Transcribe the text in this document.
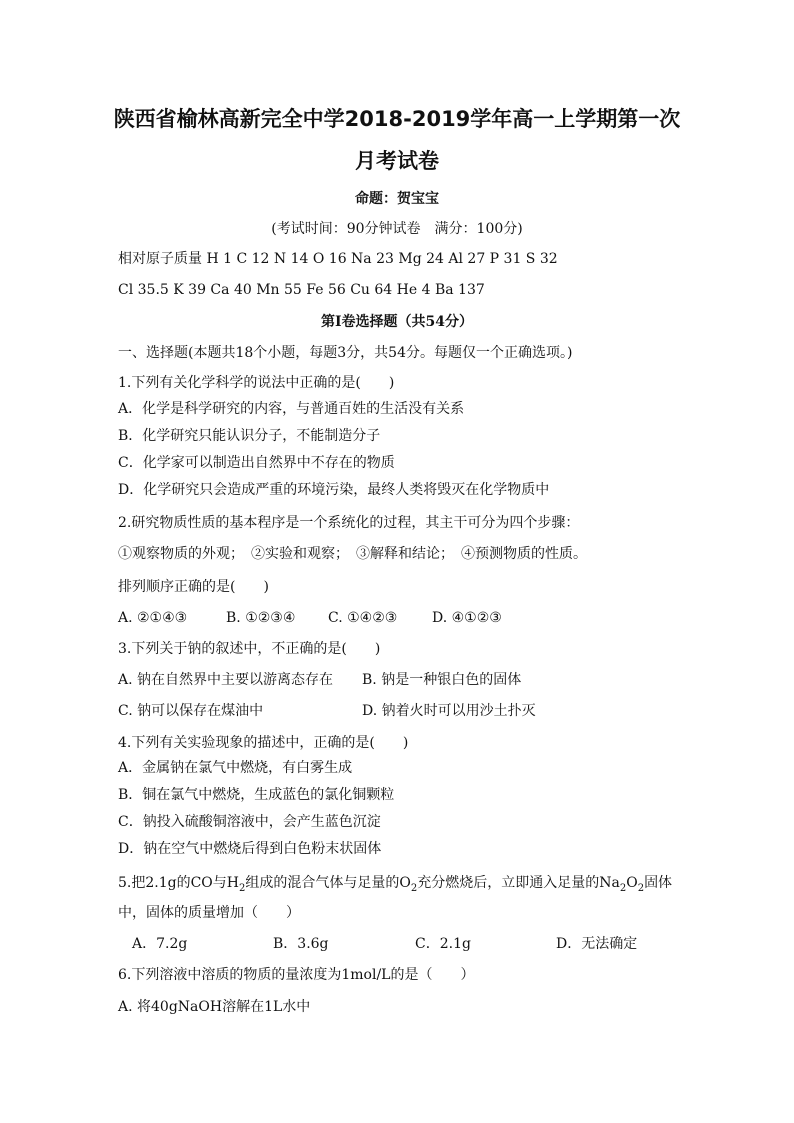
陕西省榆林高新完全中学2018-2019学年高一上学期第一次
月考试卷
命题：贺宝宝
(考试时间：90分钟试卷　满分：100分)
相对原子质量 H 1 C 12 N 14 O 16 Na 23 Mg 24 Al 27 P 31 S 32
Cl 35.5 K 39 Ca 40 Mn 55 Fe 56 Cu 64 He 4 Ba 137
第Ⅰ卷选择题（共54分）
一、选择题(本题共18个小题，每题3分，共54分。每题仅一个正确选项。)
1.下列有关化学科学的说法中正确的是(　　)
A．化学是科学研究的内容，与普通百姓的生活没有关系
B．化学研究只能认识分子，不能制造分子
C．化学家可以制造出自然界中不存在的物质
D．化学研究只会造成严重的环境污染，最终人类将毁灭在化学物质中
2.研究物质性质的基本程序是一个系统化的过程，其主干可分为四个步骤：
①观察物质的外观；　②实验和观察；　③解释和结论；　④预测物质的性质。
排列顺序正确的是(　　)
A. ②①④③	B. ①②③④ C. ①④②③ D. ④①②③
3.下列关于钠的叙述中，不正确的是(　　)
A. 钠在自然界中主要以游离态存在 B. 钠是一种银白色的固体
C. 钠可以保存在煤油中	D. 钠着火时可以用沙土扑灭
4.下列有关实验现象的描述中，正确的是(　　)
A．金属钠在氯气中燃烧，有白雾生成
B．铜在氯气中燃烧，生成蓝色的氯化铜颗粒
C．钠投入硫酸铜溶液中，会产生蓝色沉淀
D．钠在空气中燃烧后得到白色粉末状固体
5.把2.1g的CO与$H_2$组成的混合气体与足量的$O_2$充分燃烧后，立即通入足量的$Na_2O_2$固体
中，固体的质量增加（　　）
A．7.2g	B．3.6g	C．2.1g	D．无法确定
6.下列溶液中溶质的物质的量浓度为1mol/L的是（　　）
A. 将40gNaOH溶解在1L水中
